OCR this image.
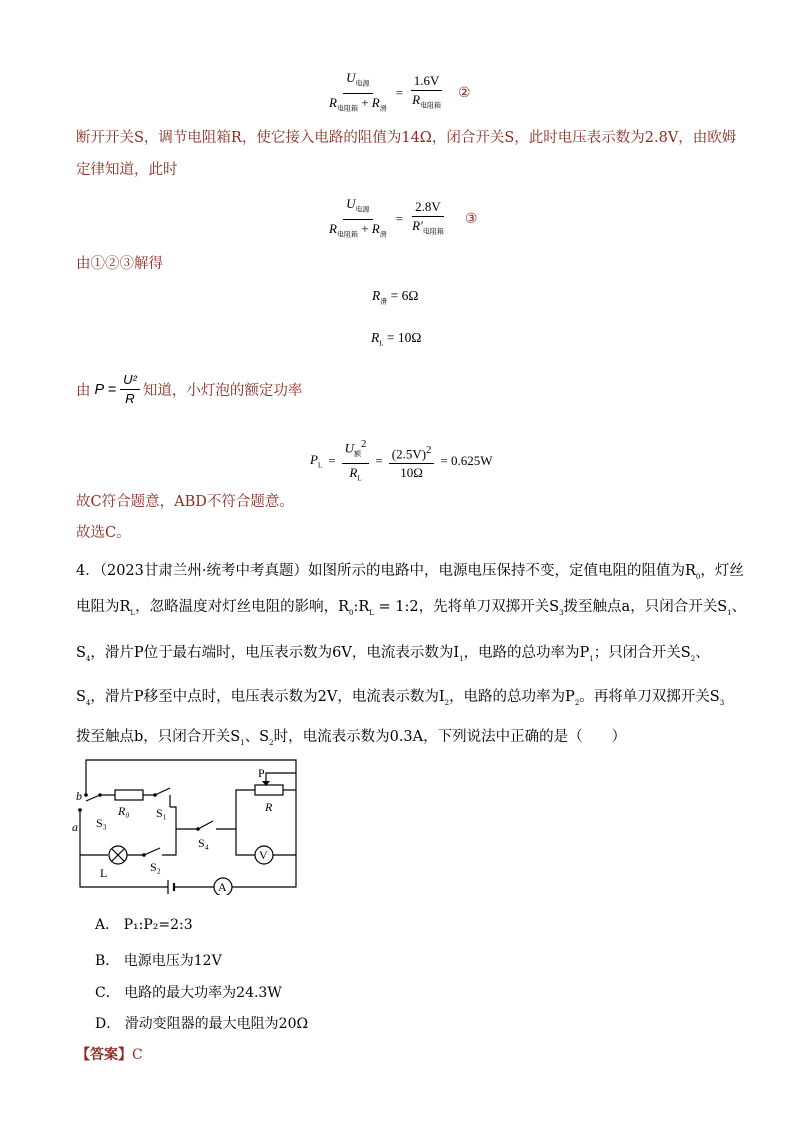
$\frac{U_{电源}}{R_{电阻箱} + R_滑} = \frac{1.6V}{R_{电阻箱}}$ ②
断开开关S，调节电阻箱R，使它接入电路的阻值为14Ω，闭合开关S，此时电压表示数为2.8V，由欧姆
定律知道，此时
$\frac{U_{电源}}{R_{电阻箱} + R_滑} = \frac{2.8V}{R'_{电阻箱}}$ ③
由①②③解得
$R_滑 = 6\Omega$
$R_L = 10\Omega$
由 $P = \frac{\text{U²}}{R}$ 知道，小灯泡的额定功率
$P_L = \frac{U_额^2}{R_L} = \frac{(2.5V)^2}{10\Omega} = 0.625W$
故C符合题意，ABD不符合题意。
故选C。
4．（2023甘肃兰州·统考中考真题）如图所示的电路中，电源电压保持不变，定值电阻的阻值为$R_0$，灯丝
电阻为$R_L$，忽略温度对灯丝电阻的影响，$R_0:R_L$ = 1:2，先将单刀双掷开关$S_3$拨至触点a，只闭合开关$S_1$、
$S_4$，滑片P位于最右端时，电压表示数为6V，电流表示数为$I_1$，电路的总功率为$P_1$；只闭合开关$S_2$、
$S_4$，滑片P移至中点时，电压表示数为2V，电流表示数为$I_2$，电路的总功率为$P_2$。再将单刀双掷开关$S_3$
拨至触点b，只闭合开关$S_1$、$S_2$时，电流表示数为0.3A，下列说法中正确的是（　　）
b
a S₃
R₀ S₁
L	S₂
S₄
P
R
V
A
A． P₁:P₂=2:3
B． 电源电压为12V
C． 电路的最大功率为24.3W
D． 滑动变阻器的最大电阻为20Ω
【答案】C
